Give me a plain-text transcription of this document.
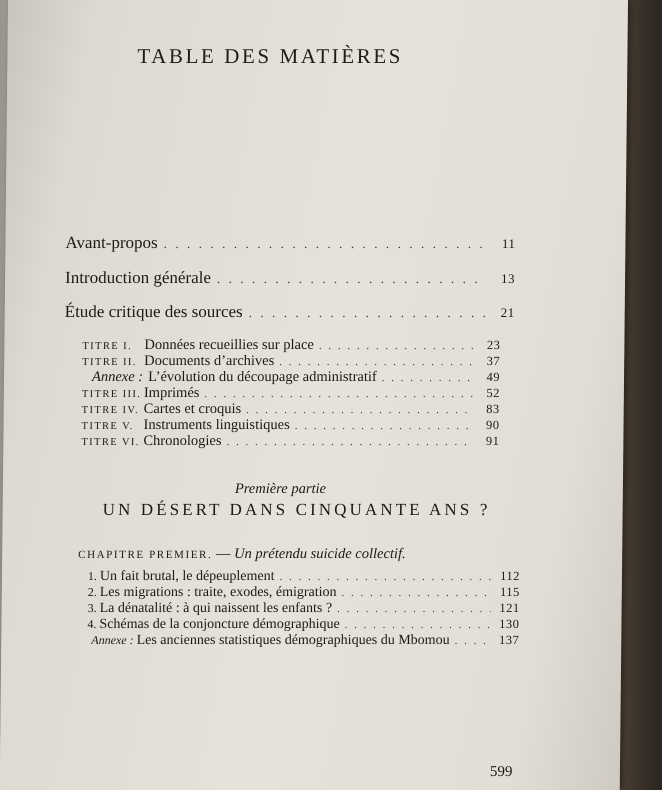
TABLE DES MATIÈRES
Avant-propos . . .	11
Introduction générale . . .	13
Étude critique des sources . . .	21
TITRE I. Données recueillies sur place . . .	23
TITRE II. Documents d’archives . . .	37
Annexe : L’évolution du découpage administratif . . .	49
TITRE III. Imprimés . . .	52
TITRE IV. Cartes et croquis . . .	83
TITRE V. Instruments linguistiques . . .	90
TITRE VI. Chronologies . . .	91
Première partie
UN DÉSERT DANS CINQUANTE ANS ?
CHAPITRE PREMIER. — Un prétendu suicide collectif.
1. Un fait brutal, le dépeuplement . . .	112
2. Les migrations : traite, exodes, émigration . . .	115
3. La dénatalité : à qui naissent les enfants ? . . .	121
4. Schémas de la conjoncture démographique . . .	130
Annexe : Les anciennes statistiques démographiques du Mbomou . . .	137
599
